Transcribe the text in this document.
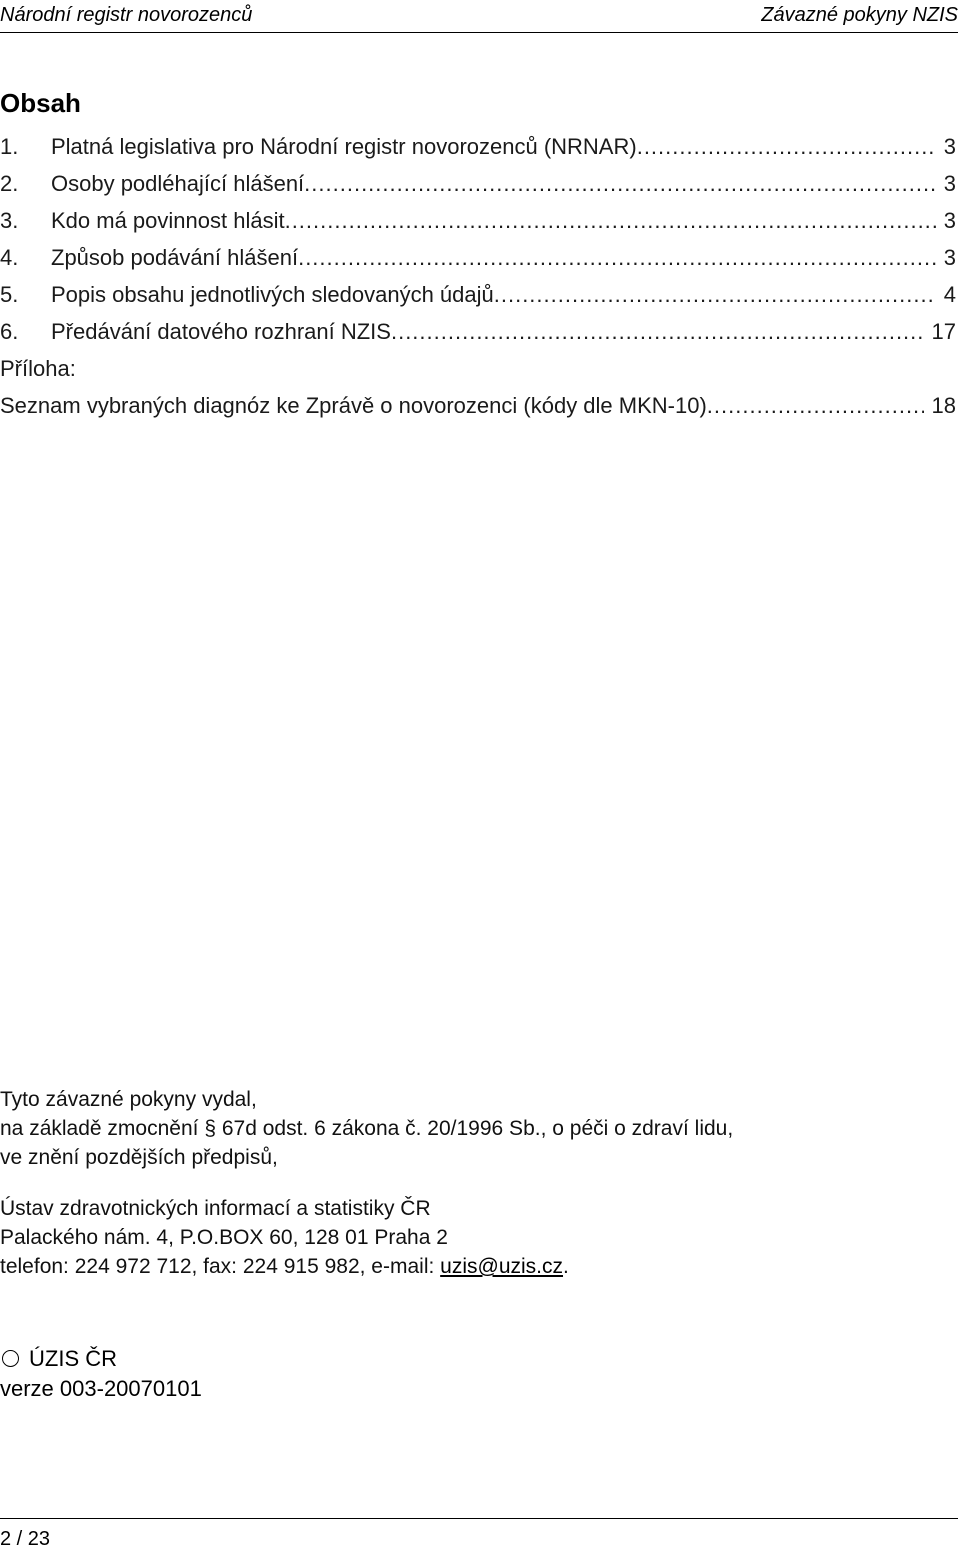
Národní registr novorozenců	Závazné pokyny NZIS
Obsah
1.	Platná legislativa pro Národní registr novorozenců (NRNAR) .....	3
2.	Osoby podléhající hlášení .....	3
3.	Kdo má povinnost hlásit .....	3
4.	Způsob podávání hlášení .....	3
5.	Popis obsahu jednotlivých sledovaných údajů .....	4
6.	Předávání datového rozhraní NZIS .....	17
Příloha:
Seznam vybraných diagnóz ke Zprávě o novorozenci (kódy dle MKN-10) .....	18

Tyto závazné pokyny vydal,

na základě zmocnění § 67d odst. 6 zákona č. 20/1996 Sb., o péči o zdraví lidu,

ve znění pozdějších předpisů,

Ústav zdravotnických informací a statistiky ČR

Palackého nám. 4, P.O.BOX 60, 128 01 Praha 2

telefon: 224 972 712, fax: 224 915 982, e-mail: uzis@uzis.cz.

ÚZIS ČR

verze 003-20070101

2 / 23
